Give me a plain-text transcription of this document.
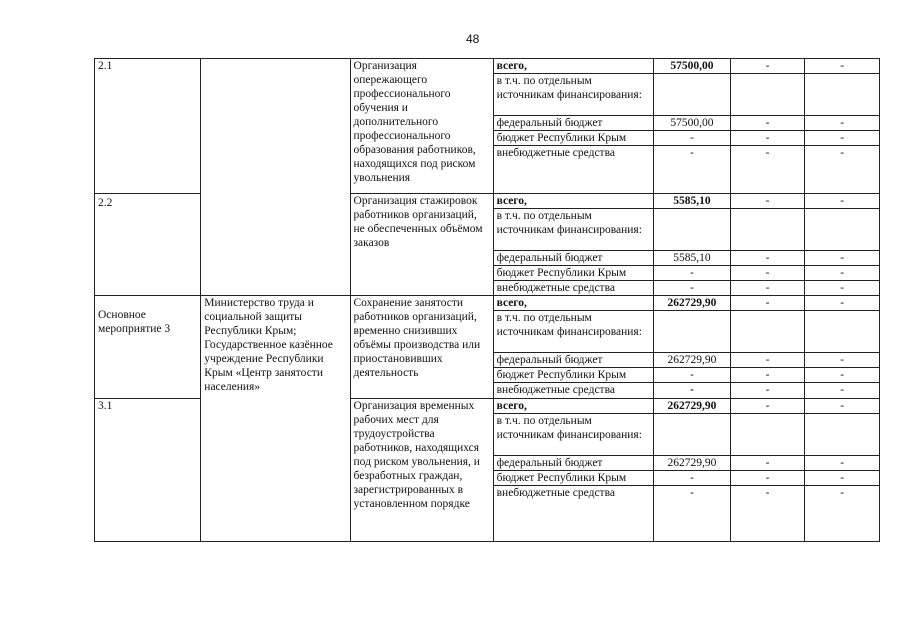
48
2.1		Организация опережающего профессионального обучения и дополнительного профессионального образования работников, находящихся под риском увольнения	всего,	57500,00	-	-
			в т.ч. по отдельным источникам финансирования:			
			федеральный бюджет	57500,00	-	-
			бюджет Республики Крым	-	-	-
			внебюджетные средства	-	-	-
2.2		Организация стажировок работников организаций, не обеспеченных объёмом заказов	всего,	5585,10	-	-
			в т.ч. по отдельным источникам финансирования:			
			федеральный бюджет	5585,10	-	-
			бюджет Республики Крым	-	-	-
			внебюджетные средства	-	-	-
Основное мероприятие 3	Министерство труда и социальной защиты Республики Крым; Государственное казённое учреждение Республики Крым «Центр занятости населения»	Сохранение занятости работников организаций, временно снизивших объёмы производства или приостановивших деятельность	всего,	262729,90	-	-
			в т.ч. по отдельным источникам финансирования:			
			федеральный бюджет	262729,90	-	-
			бюджет Республики Крым	-	-	-
			внебюджетные средства	-	-	-
3.1		Организация временных рабочих мест для трудоустройства работников, находящихся под риском увольнения, и безработных граждан, зарегистрированных в установленном порядке	всего,	262729,90	-	-
			в т.ч. по отдельным источникам финансирования:			
			федеральный бюджет	262729,90	-	-
			бюджет Республики Крым	-	-	-
			внебюджетные средства	-	-	-
